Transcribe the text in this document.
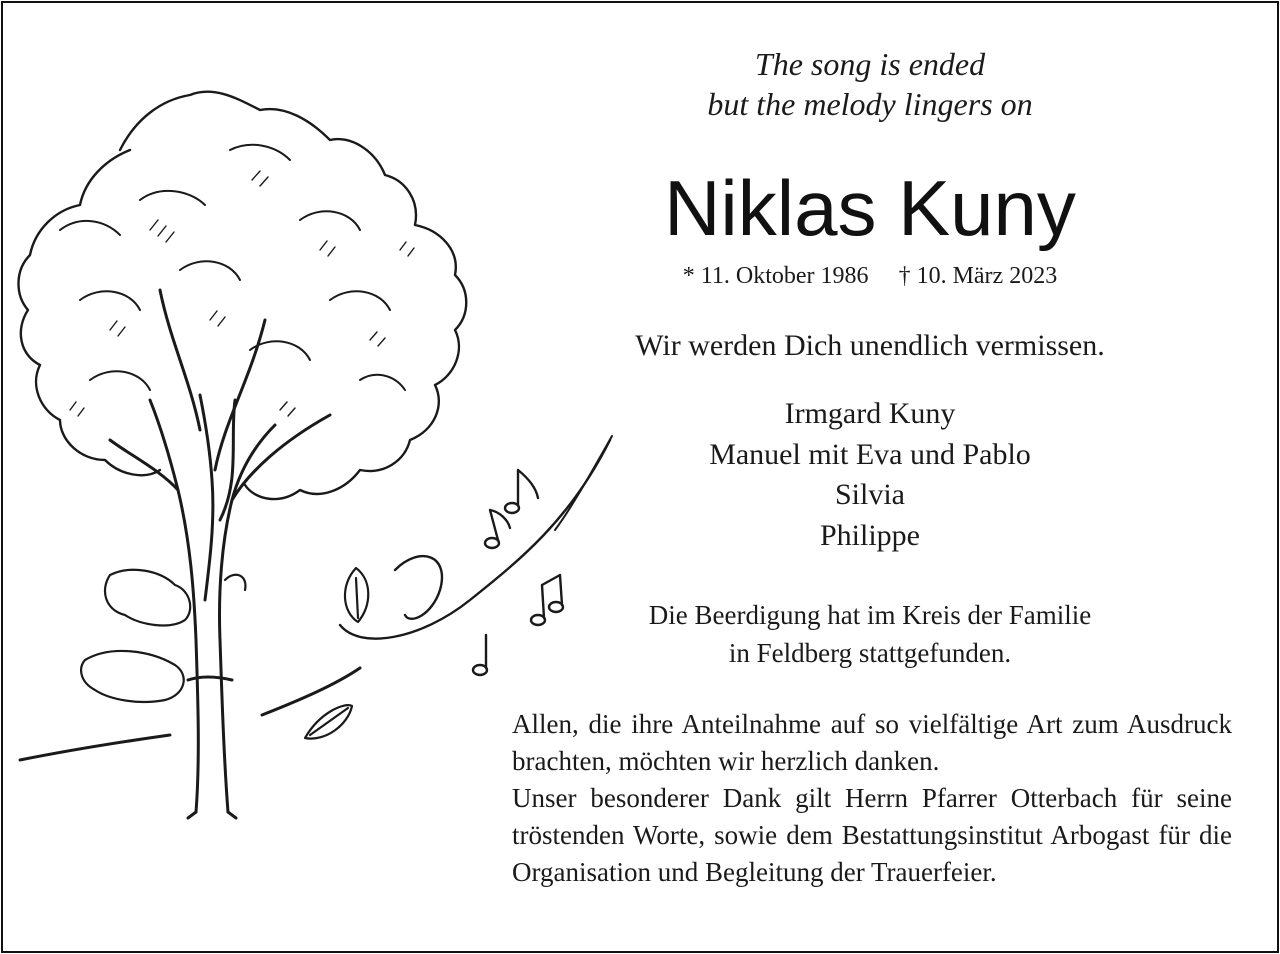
The song is ended
but the melody lingers on
Niklas Kuny
* 11. Oktober 1986 † 10. März 2023
Wir werden Dich unendlich vermissen.
Irmgard Kuny
Manuel mit Eva und Pablo
Silvia
Philippe
Die Beerdigung hat im Kreis der Familie
in Feldberg stattgefunden.

Allen, die ihre Anteilnahme auf so vielfältige Art zum Ausdruck brachten, möchten wir herzlich danken.

Unser besonderer Dank gilt Herrn Pfarrer Otterbach für seine tröstenden Worte, sowie dem Bestattungsinstitut Arbogast für die Organisation und Begleitung der Trauerfeier.
